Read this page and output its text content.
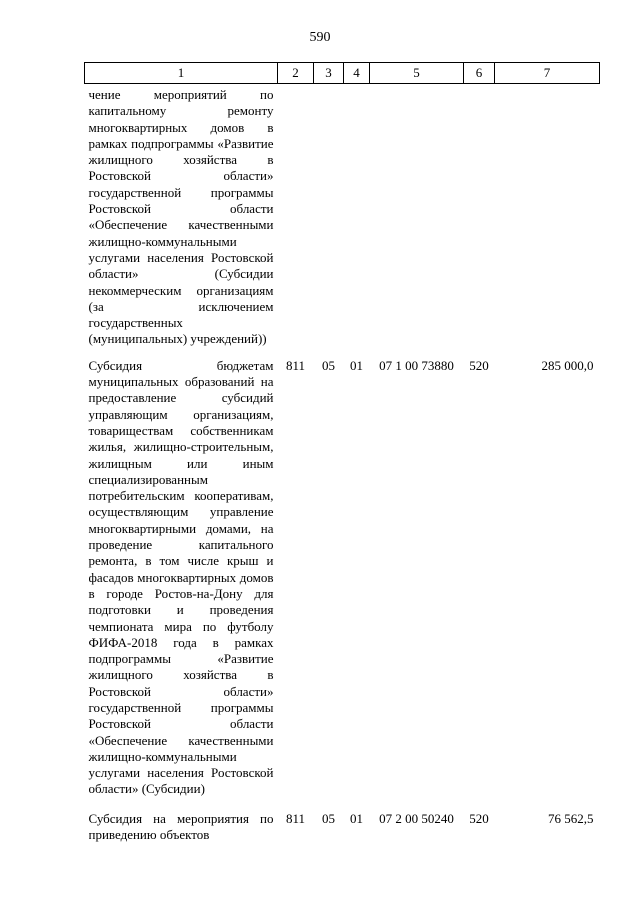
590
1	2	3	4	5	6	7
чение мероприятий по капитальному ремонту многоквартирных домов в рамках подпрограммы «Развитие жилищного хозяйства в Ростовской области» государственной программы Ростовской области «Обеспечение качественными жилищно-коммунальными услугами населения Ростовской области» (Субсидии некоммерческим организациям (за исключением государственных (муниципальных) учреждений))						
Субсидия бюджетам муниципальных образований на предоставление субсидий управляющим организациям, товариществам собственникам жилья, жилищно-строительным, жилищным или иным специализированным потребительским кооперативам, осуществляющим управление многоквартирными домами, на проведение капитального ремонта, в том числе крыш и фасадов многоквартирных домов в городе Ростов-на-Дону для подготовки и проведения чемпионата мира по футболу ФИФА-2018 года в рамках подпрограммы «Развитие жилищного хозяйства в Ростовской области» государственной программы Ростовской области «Обеспечение качественными жилищно-коммунальными услугами населения Ростовской области» (Субсидии)	811	05	01	07 1 00 73880	520	285 000,0

Субсидия на мероприятия по приведению объектов	811	05	01	07 2 00 50240	520	76 562,5
